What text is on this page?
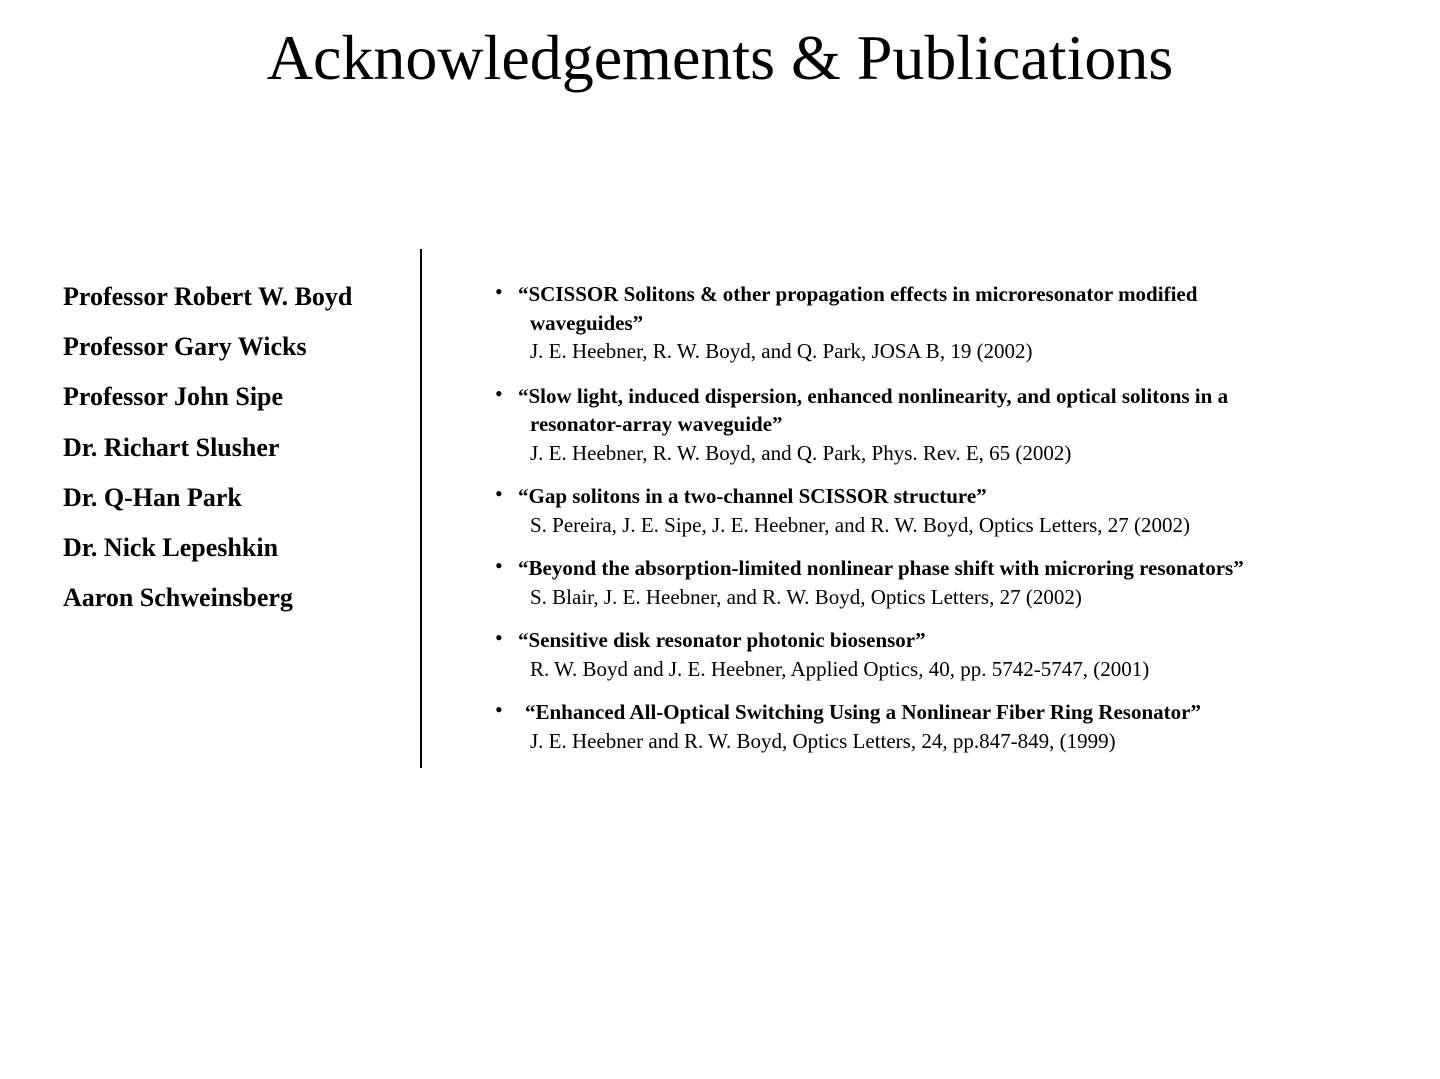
Acknowledgements & Publications
Professor Robert W. Boyd
Professor Gary Wicks
Professor John Sipe
Dr. Richart Slusher
Dr. Q-Han Park
Dr. Nick Lepeshkin
Aaron Schweinsberg
• “SCISSOR Solitons & other propagation effects in microresonator modified
waveguides”
J. E. Heebner, R. W. Boyd, and Q. Park, JOSA B, 19 (2002)
• “Slow light, induced dispersion, enhanced nonlinearity, and optical solitons in a
resonator-array waveguide”
J. E. Heebner, R. W. Boyd, and Q. Park, Phys. Rev. E, 65 (2002)
• “Gap solitons in a two-channel SCISSOR structure”
S. Pereira, J. E. Sipe, J. E. Heebner, and R. W. Boyd, Optics Letters, 27 (2002)
• “Beyond the absorption-limited nonlinear phase shift with microring resonators”
S. Blair, J. E. Heebner, and R. W. Boyd, Optics Letters, 27 (2002)
• “Sensitive disk resonator photonic biosensor”
R. W. Boyd and J. E. Heebner, Applied Optics, 40, pp. 5742-5747, (2001)
•	“Enhanced All-Optical Switching Using a Nonlinear Fiber Ring Resonator”
J. E. Heebner and R. W. Boyd, Optics Letters, 24, pp.847-849, (1999)
